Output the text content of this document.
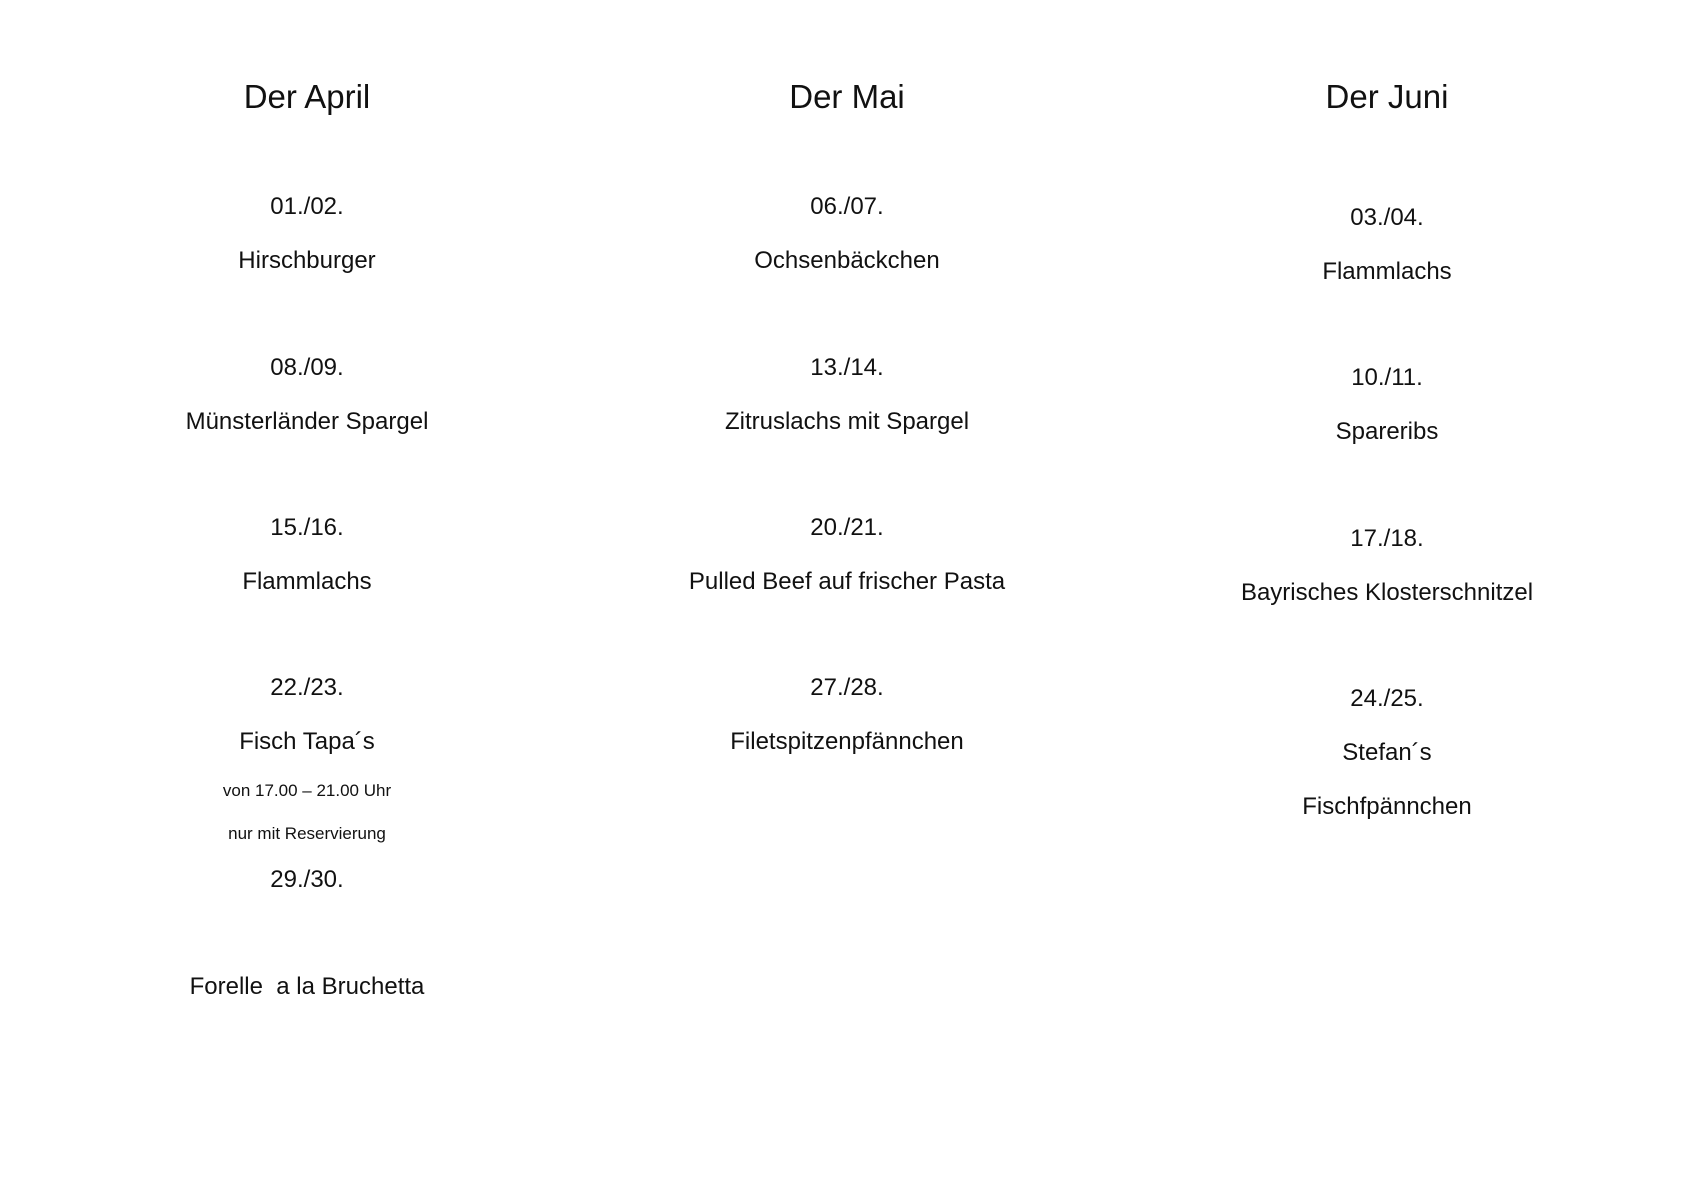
Der April
01./02.
Hirschburger
08./09.
Münsterländer Spargel
15./16.
Flammlachs
22./23.
Fisch Tapa´s
von 17.00 – 21.00 Uhr
nur mit Reservierung
29./30.
Forelle  a la Bruchetta
Der Mai
06./07.
Ochsenbäckchen
13./14.
Zitruslachs mit Spargel
20./21.
Pulled Beef auf frischer Pasta
27./28.
Filetspitzenpfännchen
Der Juni
03./04.
Flammlachs
10./11.
Spareribs
17./18.
Bayrisches Klosterschnitzel
24./25.
Stefan´s
Fischfpännchen
